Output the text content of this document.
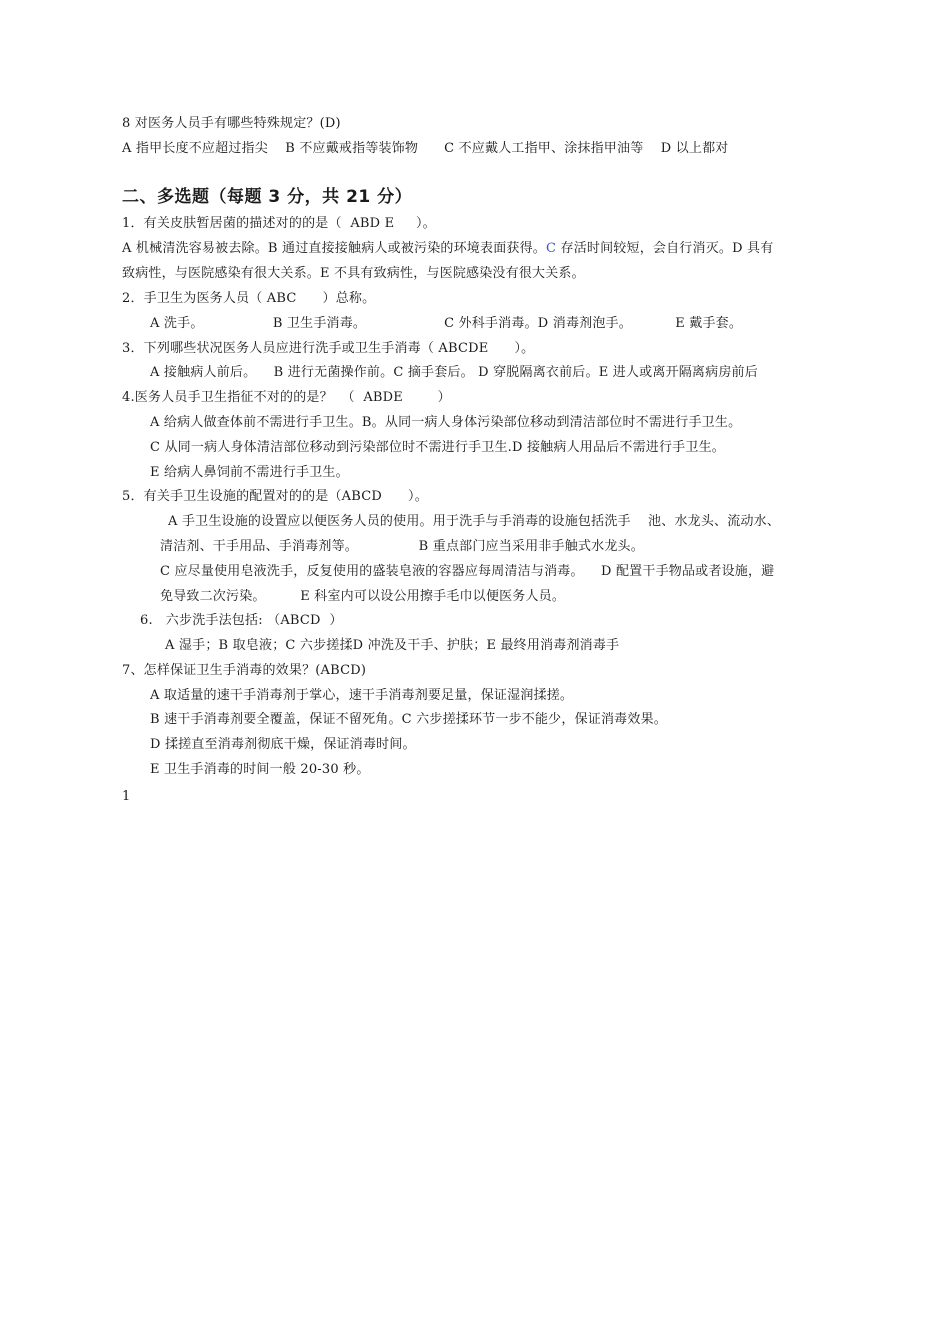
8 对医务人员手有哪些特殊规定？(D)
A 指甲长度不应超过指尖    B 不应戴戒指等装饰物      C 不应戴人工指甲、涂抹指甲油等    D 以上都对
二、多选题（每题 3 分，共 21 分）
1．有关皮肤暂居菌的描述对的的是（  ABD E     ）。
A 机械清洗容易被去除。B 通过直接接触病人或被污染的环境表面获得。C 存活时间较短，会自行消灭。D 具有
致病性，与医院感染有很大关系。E 不具有致病性，与医院感染没有很大关系。
2．手卫生为医务人员（ ABC      ）总称。
A 洗手。                B 卫生手消毒。                  C 外科手消毒。D 消毒剂泡手。          E 戴手套。
3．下列哪些状况医务人员应进行洗手或卫生手消毒（ ABCDE      ）。
A 接触病人前后。    B 进行无菌操作前。C 摘手套后。 D 穿脱隔离衣前后。E 进人或离开隔离病房前后
4.医务人员手卫生指征不对的的是？  （  ABDE        ）
A 给病人做查体前不需进行手卫生。B。从同一病人身体污染部位移动到清洁部位时不需进行手卫生。
C 从同一病人身体清洁部位移动到污染部位时不需进行手卫生.D 接触病人用品后不需进行手卫生。
E 给病人鼻饲前不需进行手卫生。
5．有关手卫生设施的配置对的的是（ABCD      ）。
A 手卫生设施的设置应以便医务人员的使用。用于洗手与手消毒的设施包括洗手    池、水龙头、流动水、
清洁剂、干手用品、手消毒剂等。              B 重点部门应当采用非手触式水龙头。
C 应尽量使用皂液洗手，反复使用的盛装皂液的容器应每周清洁与消毒。    D 配置干手物品或者设施，避
免导致二次污染。        E 科室内可以设公用擦手毛巾以便医务人员。
6.   六步洗手法包括: （ABCD  ）
A 湿手；B 取皂液；C 六步搓揉D 冲洗及干手、护肤；E 最终用消毒剂消毒手
7、怎样保证卫生手消毒的效果？(ABCD)
A 取适量的速干手消毒剂于掌心，速干手消毒剂要足量，保证湿润揉搓。
B 速干手消毒剂要全覆盖，保证不留死角。C 六步搓揉环节一步不能少，保证消毒效果。
D 揉搓直至消毒剂彻底干燥，保证消毒时间。
E 卫生手消毒的时间一般 20-30 秒。
1
